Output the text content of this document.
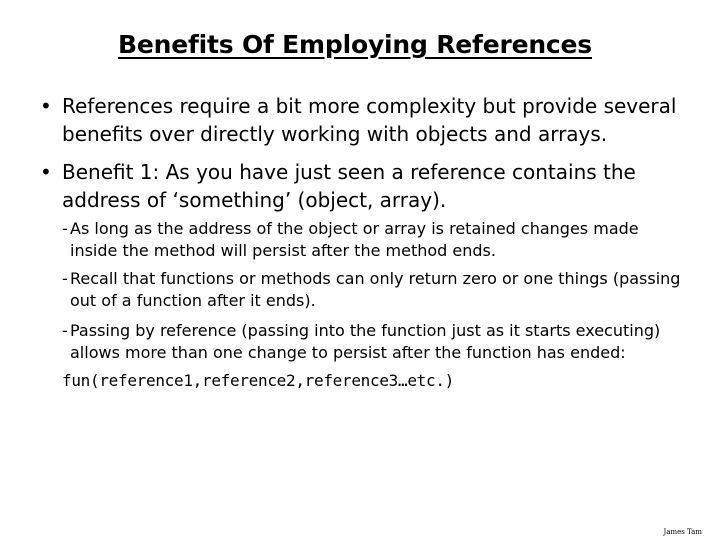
Benefits Of Employing References
• References require a bit more complexity but provide several benefits over directly working with objects and arrays.
• Benefit 1: As you have just seen a reference contains the address of ‘something’ (object, array).
- As long as the address of the object or array is retained changes made inside the method will persist after the method ends.
- Recall that functions or methods can only return zero or one things (passing out of a function after it ends).
- Passing by reference (passing into the function just as it starts executing) allows more than one change to persist after the function has ended:
fun(reference1,reference2,reference3…etc.)
James Tam
